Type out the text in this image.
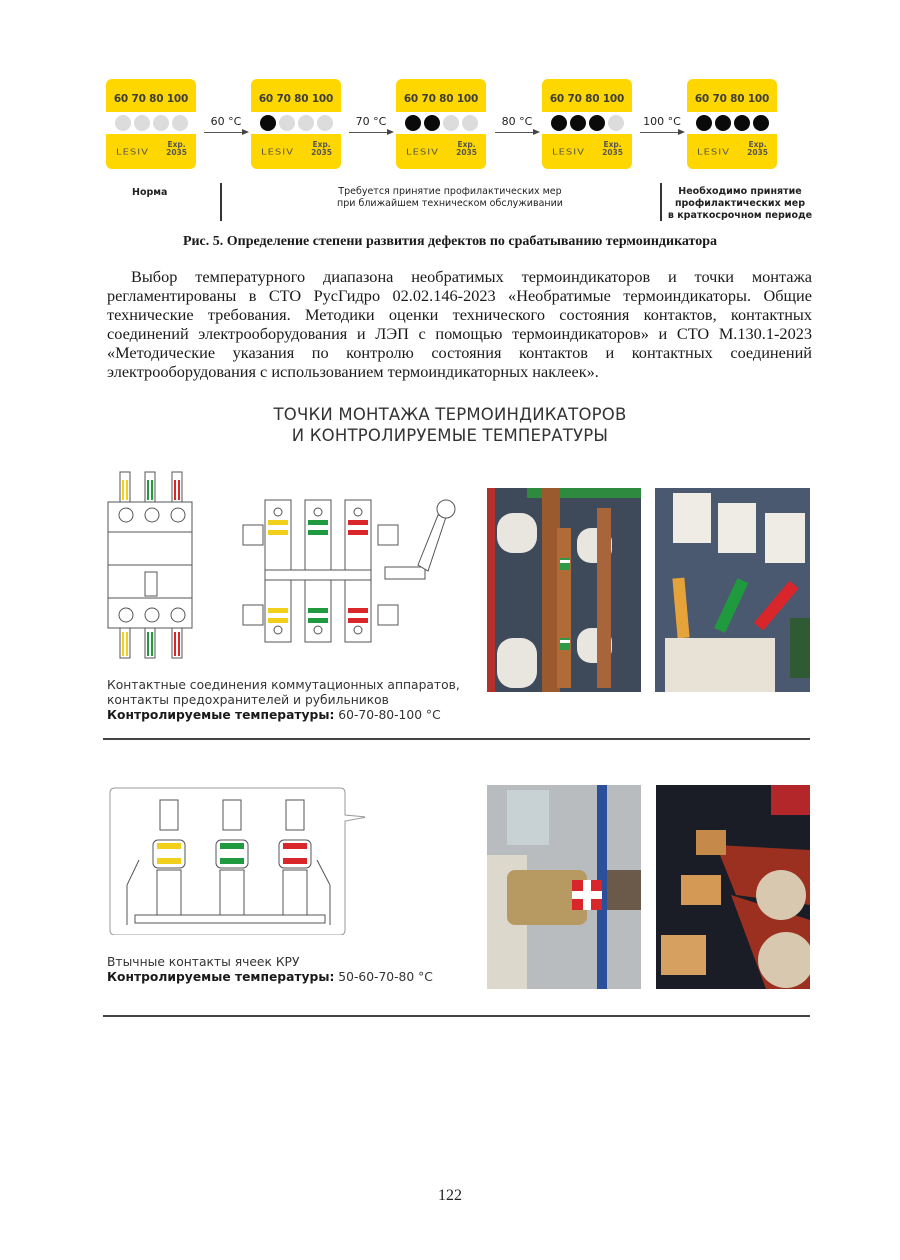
60 70 80 100
LESIV
Exp.
2035
60 °C
60 70 80 100
LESIV
Exp.
2035
70 °C
60 70 80 100
LESIV
Exp.
2035
80 °C
60 70 80 100
LESIV
Exp.
2035
100 °C
60 70 80 100
LESIV
Exp.
2035
Норма	Требуется принятие профилактических мер
при ближайшем техническом обслуживании
Необходимо принятие
профилактических мер
в краткосрочном периоде
Рис. 5. Определение степени развития дефектов по срабатыванию термоиндикатора

Выбор температурного диапазона необратимых термоиндикаторов и точки монтажа регламентированы в СТО РусГидро 02.02.146-2023 «Необратимые термоиндикаторы. Общие технические требования. Методики оценки технического состояния контактов, контактных соединений электрооборудования и ЛЭП с помощью термоиндикаторов» и СТО М.130.1-2023 «Методические указания по контролю состояния контактов и контактных соединений электрооборудования с использованием термоиндикаторных наклеек».

ТОЧКИ МОНТАЖА ТЕРМОИНДИКАТОРОВ
И КОНТРОЛИРУЕМЫЕ ТЕМПЕРАТУРЫ
Контактные соединения коммутационных аппаратов,
контакты предохранителей и рубильников
Контролируемые температуры: 60-70-80-100 °C
Втычные контакты ячеек КРУ
Контролируемые температуры: 50-60-70-80 °C
122
